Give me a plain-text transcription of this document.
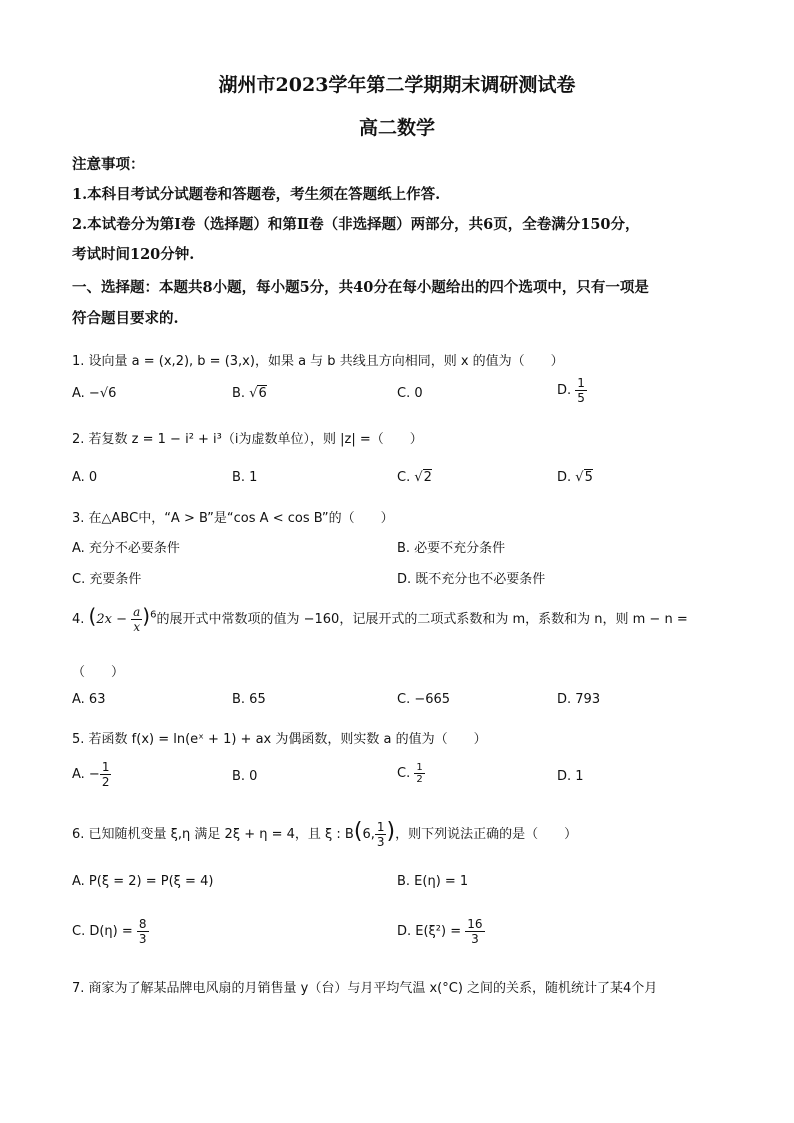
湖州市2023学年第二学期期末调研测试卷
高二数学
注意事项：
1.本科目考试分试题卷和答题卷，考生须在答题纸上作答.
2.本试卷分为第Ⅰ卷（选择题）和第Ⅱ卷（非选择题）两部分，共6页，全卷满分150分，
考试时间120分钟.
一、选择题：本题共8小题，每小题5分，共40分在每小题给出的四个选项中，只有一项是
符合题目要求的.
1. 设向量 a = (x,2), b = (3,x)，如果 a 与 b 共线且方向相同，则 x 的值为（　　）
A. −√6	B. √6	C. 0	D. $\frac{1}{5}$
2. 若复数 z = 1 − i² + i³（i为虚数单位），则 |z| =（　　）
A. 0	B. 1	C. √2	D. √5
3. 在△ABC中，“A > B”是“cos A < cos B”的（　　）
A. 充分不必要条件	B. 必要不充分条件
C. 充要条件	D. 既不充分也不必要条件
4. $(2x - \frac{a}{x} )^6$的展开式中常数项的值为 −160，记展开式的二项式系数和为 m，系数和为 n，则 m − n =
（　　）
A. 63	B. 65	C. −665	D. 793
5. 若函数 f(x) = ln(eˣ + 1) + ax 为偶函数，则实数 a 的值为（　　）
A. − $\frac{1}{2}$	B. 0	C. $\frac{1}{2}$	D. 1
6. 已知随机变量 ξ,η 满足 2ξ + η = 4，且 ξ : B(6, $\frac{1}{3}$ )，则下列说法正确的是（　　）
A. P(ξ = 2) = P(ξ = 4)	B. E(η) = 1
C. $D(\eta) = \frac{8}{3}$	D. $E(\xi^2) = \frac{16}{3}$
7. 商家为了解某品牌电风扇的月销售量 y（台）与月平均气温 x(°C) 之间的关系，随机统计了某4个月
